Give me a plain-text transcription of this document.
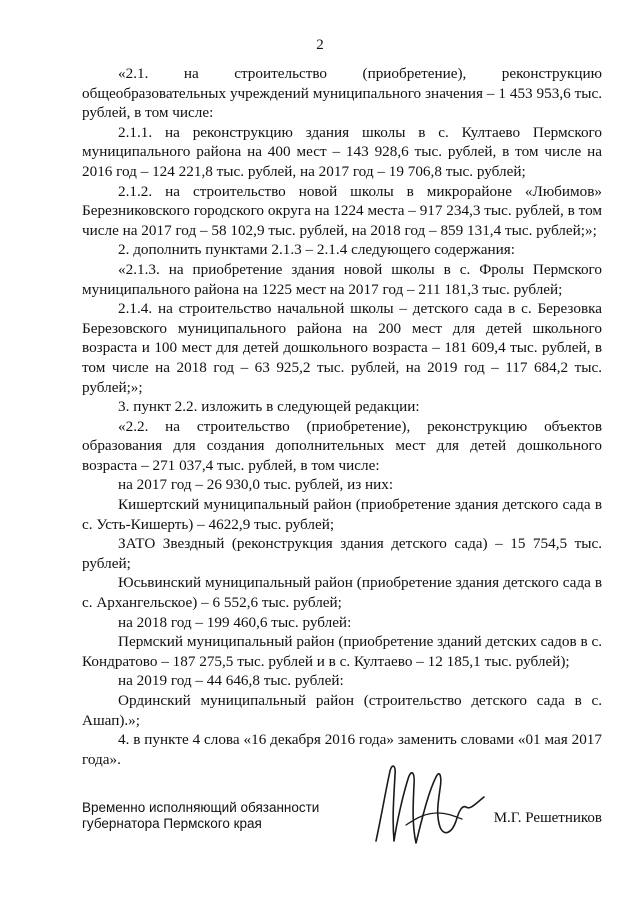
2

«2.1. на строительство (приобретение), реконструкцию общеобразовательных учреждений муниципального значения – 1 453 953,6 тыс. рублей, в том числе:

2.1.1. на реконструкцию здания школы в с. Култаево Пермского муниципального района на 400 мест – 143 928,6 тыс. рублей, в том числе на 2016 год – 124 221,8 тыс. рублей, на 2017 год – 19 706,8 тыс. рублей;

2.1.2. на строительство новой школы в микрорайоне «Любимов» Березниковского городского округа на 1224 места – 917 234,3 тыс. рублей, в том числе на 2017 год – 58 102,9 тыс. рублей, на 2018 год – 859 131,4 тыс. рублей;»;

2. дополнить пунктами 2.1.3 – 2.1.4 следующего содержания:

«2.1.3. на приобретение здания новой школы в с. Фролы Пермского муниципального района на 1225 мест на 2017 год – 211 181,3 тыс. рублей;

2.1.4. на строительство начальной школы – детского сада в с. Березовка Березовского муниципального района на 200 мест для детей школьного возраста и 100 мест для детей дошкольного возраста – 181 609,4 тыс. рублей, в том числе на 2018 год – 63 925,2 тыс. рублей, на 2019 год – 117 684,2 тыс. рублей;»;

3. пункт 2.2. изложить в следующей редакции:

«2.2. на строительство (приобретение), реконструкцию объектов образования для создания дополнительных мест для детей дошкольного возраста – 271 037,4 тыс. рублей, в том числе:

на 2017 год – 26 930,0 тыс. рублей, из них:

Кишертский муниципальный район (приобретение здания детского сада в с. Усть-Кишерть) – 4622,9 тыс. рублей;

ЗАТО Звездный (реконструкция здания детского сада) – 15 754,5 тыс. рублей;

Юсьвинский муниципальный район (приобретение здания детского сада в с. Архангельское) – 6 552,6 тыс. рублей;

на 2018 год – 199 460,6 тыс. рублей:

Пермский муниципальный район (приобретение зданий детских садов в с. Кондратово – 187 275,5 тыс. рублей и в с. Култаево – 12 185,1 тыс. рублей);

на 2019 год – 44 646,8 тыс. рублей:

Ординский муниципальный район (строительство детского сада в с. Ашап).»;

4. в пункте 4 слова «16 декабря 2016 года» заменить словами «01 мая 2017 года».

Временно исполняющий обязанности
губернатора Пермского края	М.Г. Решетников
